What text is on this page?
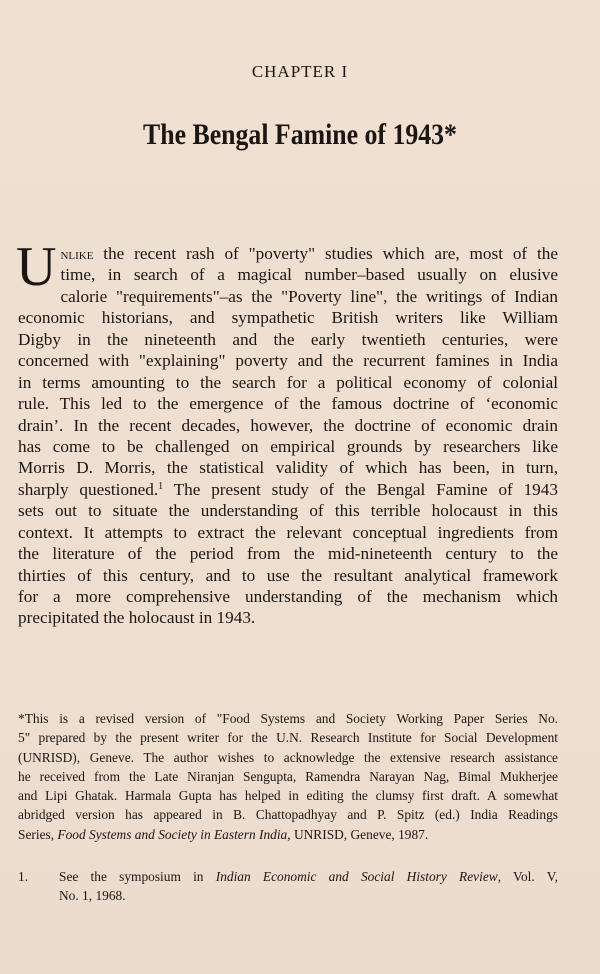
CHAPTER I
The Bengal Famine of 1943*
U nlike the recent rash of "poverty" studies which are, most of the
time, in search of a magical number–based usually on elusive
calorie "requirements"–as the "Poverty line", the writings of Indian
economic historians, and sympathetic British writers like William
Digby in the nineteenth and the early twentieth centuries, were
concerned with "explaining" poverty and the recurrent famines in India
in terms amounting to the search for a political economy of colonial
rule. This led to the emergence of the famous doctrine of ‘economic
drain’. In the recent decades, however, the doctrine of economic drain
has come to be challenged on empirical grounds by researchers like
Morris D. Morris, the statistical validity of which has been, in turn,
sharply questioned.$^1$ The present study of the Bengal Famine of 1943
sets out to situate the understanding of this terrible holocaust in this
context. It attempts to extract the relevant conceptual ingredients from
the literature of the period from the mid-nineteenth century to the
thirties of this century, and to use the resultant analytical framework
for a more comprehensive understanding of the mechanism which
precipitated the holocaust in 1943.
*This is a revised version of "Food Systems and Society Working Paper Series No.
5" prepared by the present writer for the U.N. Research Institute for Social Development
(UNRISD), Geneve. The author wishes to acknowledge the extensive research assistance
he received from the Late Niranjan Sengupta, Ramendra Narayan Nag, Bimal Mukherjee
and Lipi Ghatak. Harmala Gupta has helped in editing the clumsy first draft. A somewhat
abridged version has appeared in B. Chattopadhyay and P. Spitz (ed.) India Readings
Series, Food Systems and Society in Eastern India, UNRISD, Geneve, 1987.
1. See the symposium in Indian Economic and Social History Review, Vol. V,
No. 1, 1968.
